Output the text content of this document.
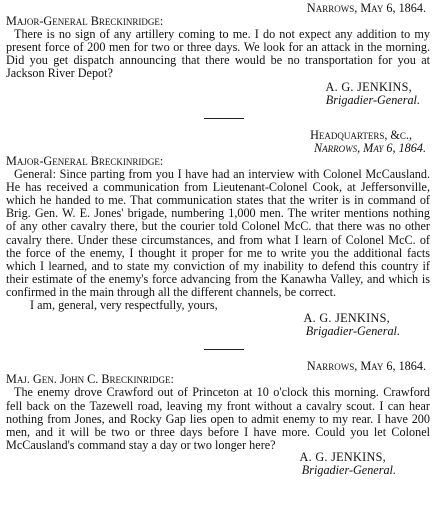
Narrows, May 6, 1864.

Major-General Breckinridge:

There is no sign of any artillery coming to me. I do not expect any addition to my present force of 200 men for two or three days. We look for an attack in the morning. Did you get dispatch announcing that there would be no transportation for you at Jackson River Depot?

A. G. JENKINS,

Brigadier-General.

Headquarters, &c.,

Narrows, May 6, 1864.

Major-General Breckinridge:

General: Since parting from you I have had an interview with Colonel McCausland. He has received a communication from Lieutenant-Colonel Cook, at Jeffersonville, which he handed to me. That communication states that the writer is in command of Brig. Gen. W. E. Jones' brigade, numbering 1,000 men. The writer mentions nothing of any other cavalry there, but the courier told Colonel McC. that there was no other cavalry there. Under these circumstances, and from what I learn of Colonel McC. of the force of the enemy, I thought it proper for me to write you the additional facts which I learned, and to state my conviction of my inability to defend this country if their estimate of the enemy's force advancing from the Kanawha Valley, and which is confirmed in the main through all the different channels, be correct.

I am, general, very respectfully, yours,

A. G. JENKINS,

Brigadier-General.

Narrows, May 6, 1864.

Maj. Gen. John C. Breckinridge:

The enemy drove Crawford out of Princeton at 10 o'clock this morning. Crawford fell back on the Tazewell road, leaving my front without a cavalry scout. I can hear nothing from Jones, and Rocky Gap lies open to admit enemy to my rear. I have 200 men, and it will be two or three days before I have more. Could you let Colonel McCausland's command stay a day or two longer here?

A. G. JENKINS,

Brigadier-General.
